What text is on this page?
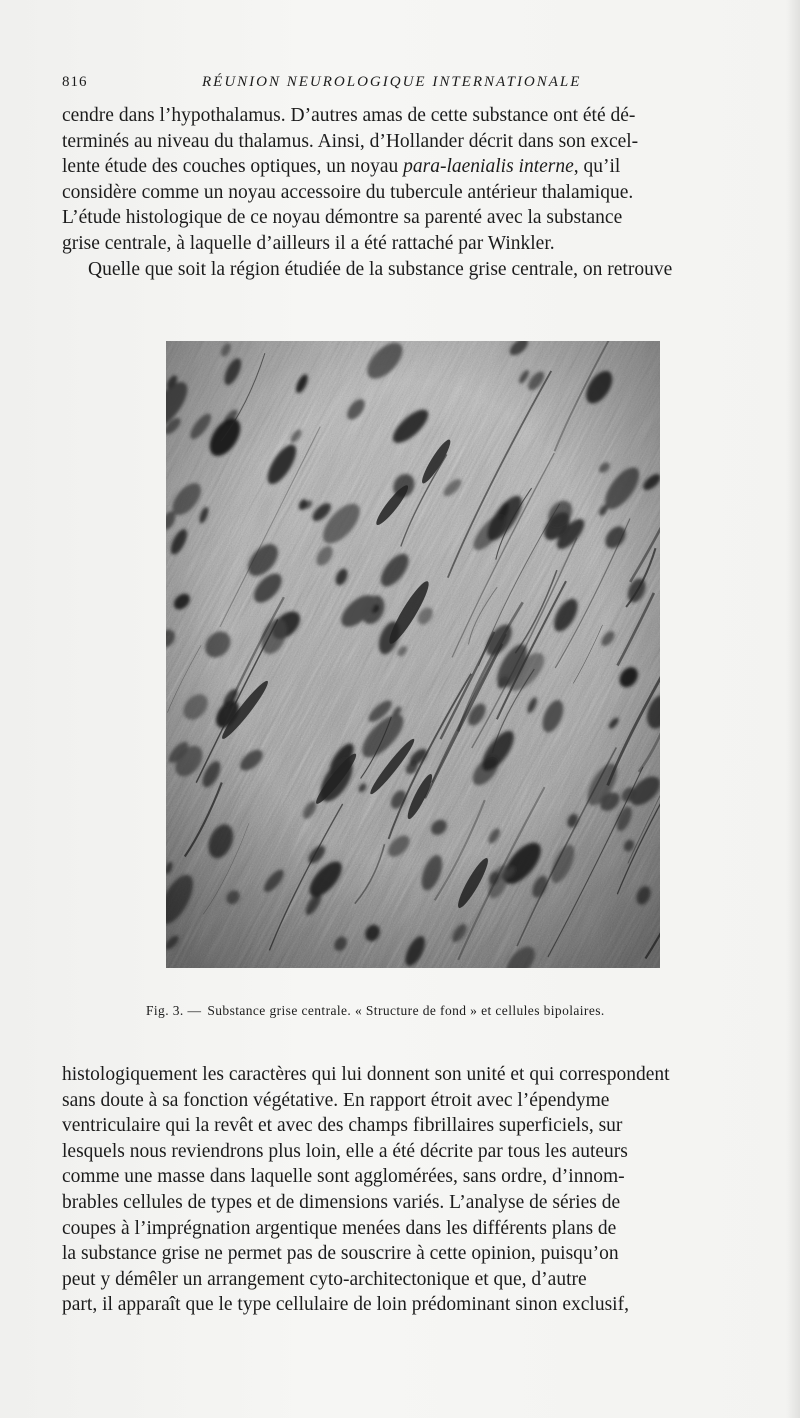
816	RÉUNION NEUROLOGIQUE INTERNATIONALE
cendre dans l’hypothalamus. D’autres amas de cette substance ont été dé-
terminés au niveau du thalamus. Ainsi, d’Hollander décrit dans son excel-
lente étude des couches optiques, un noyau para-laenialis interne, qu’il
considère comme un noyau accessoire du tubercule antérieur thalamique.
L’étude histologique de ce noyau démontre sa parenté avec la substance
grise centrale, à laquelle d’ailleurs il a été rattaché par Winkler.
Quelle que soit la région étudiée de la substance grise centrale, on retrouve
Fig. 3. — Substance grise centrale. « Structure de fond » et cellules bipolaires.
histologiquement les caractères qui lui donnent son unité et qui correspondent
sans doute à sa fonction végétative. En rapport étroit avec l’épendyme
ventriculaire qui la revêt et avec des champs fibrillaires superficiels, sur
lesquels nous reviendrons plus loin, elle a été décrite par tous les auteurs
comme une masse dans laquelle sont agglomérées, sans ordre, d’innom-
brables cellules de types et de dimensions variés. L’analyse de séries de
coupes à l’imprégnation argentique menées dans les différents plans de
la substance grise ne permet pas de souscrire à cette opinion, puisqu’on
peut y démêler un arrangement cyto-architectonique et que, d’autre
part, il apparaît que le type cellulaire de loin prédominant sinon exclusif,
